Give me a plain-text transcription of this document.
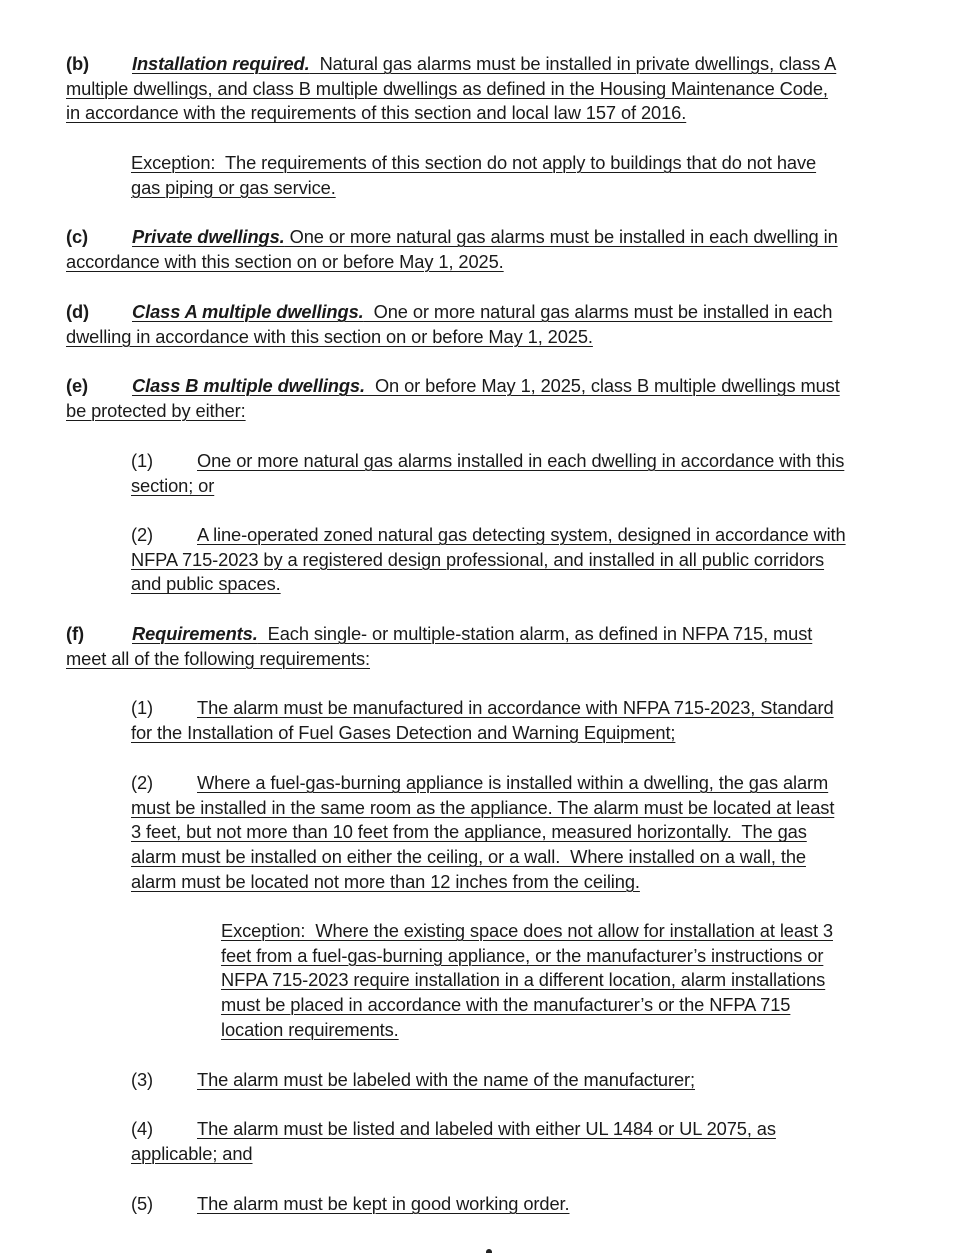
(b) Installation required.  Natural gas alarms must be installed in private dwellings, class A
multiple dwellings, and class B multiple dwellings as defined in the Housing Maintenance Code,
in accordance with the requirements of this section and local law 157 of 2016.
Exception:  The requirements of this section do not apply to buildings that do not have
gas piping or gas service.
(c) Private dwellings. One or more natural gas alarms must be installed in each dwelling in
accordance with this section on or before May 1, 2025.
(d) Class A multiple dwellings.  One or more natural gas alarms must be installed in each
dwelling in accordance with this section on or before May 1, 2025.
(e) Class B multiple dwellings.  On or before May 1, 2025, class B multiple dwellings must
be protected by either:
(1) One or more natural gas alarms installed in each dwelling in accordance with this
section; or
(2) A line-operated zoned natural gas detecting system, designed in accordance with
NFPA 715-2023 by a registered design professional, and installed in all public corridors
and public spaces.
(f)	Requirements.  Each single- or multiple-station alarm, as defined in NFPA 715, must
meet all of the following requirements:
(1) The alarm must be manufactured in accordance with NFPA 715-2023, Standard
for the Installation of Fuel Gases Detection and Warning Equipment;
(2) Where a fuel-gas-burning appliance is installed within a dwelling, the gas alarm
must be installed in the same room as the appliance. The alarm must be located at least
3 feet, but not more than 10 feet from the appliance, measured horizontally.  The gas
alarm must be installed on either the ceiling, or a wall.  Where installed on a wall, the
alarm must be located not more than 12 inches from the ceiling.
Exception:  Where the existing space does not allow for installation at least 3
feet from a fuel-gas-burning appliance, or the manufacturer’s instructions or
NFPA 715-2023 require installation in a different location, alarm installations
must be placed in accordance with the manufacturer’s or the NFPA 715
location requirements.
(3) The alarm must be labeled with the name of the manufacturer;
(4) The alarm must be listed and labeled with either UL 1484 or UL 2075, as
applicable; and
(5) The alarm must be kept in good working order.
